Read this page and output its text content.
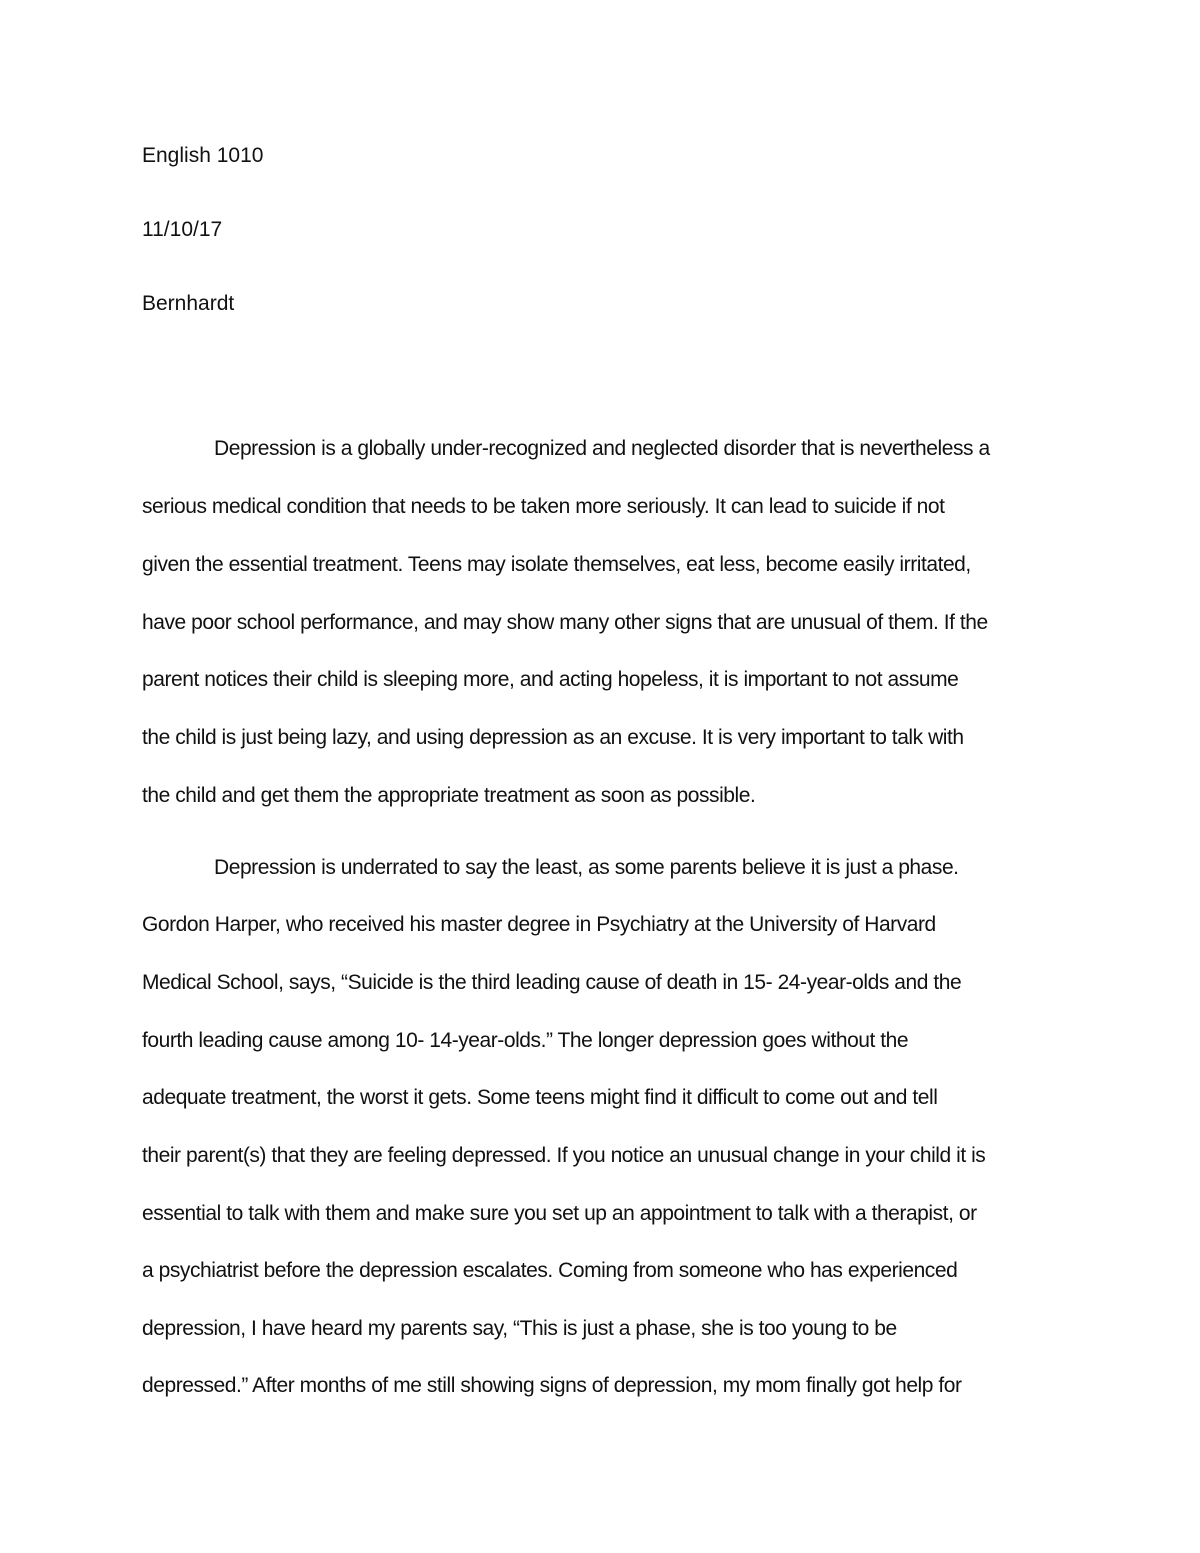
English 1010
11/10/17
Bernhardt
Depression is a globally under-recognized and neglected disorder that is nevertheless a
serious medical condition that needs to be taken more seriously. It can lead to suicide if not
given the essential treatment. Teens may isolate themselves, eat less, become easily irritated,
have poor school performance, and may show many other signs that are unusual of them. If the
parent notices their child is sleeping more, and acting hopeless, it is important to not assume
the child is just being lazy, and using depression as an excuse. It is very important to talk with
the child and get them the appropriate treatment as soon as possible.
Depression is underrated to say the least, as some parents believe it is just a phase.
Gordon Harper, who received his master degree in Psychiatry at the University of Harvard
Medical School, says, “Suicide is the third leading cause of death in 15- 24-year-olds and the
fourth leading cause among 10- 14-year-olds.” The longer depression goes without the
adequate treatment, the worst it gets. Some teens might find it difficult to come out and tell
their parent(s) that they are feeling depressed. If you notice an unusual change in your child it is
essential to talk with them and make sure you set up an appointment to talk with a therapist, or
a psychiatrist before the depression escalates. Coming from someone who has experienced
depression, I have heard my parents say, “This is just a phase, she is too young to be
depressed.” After months of me still showing signs of depression, my mom finally got help for
